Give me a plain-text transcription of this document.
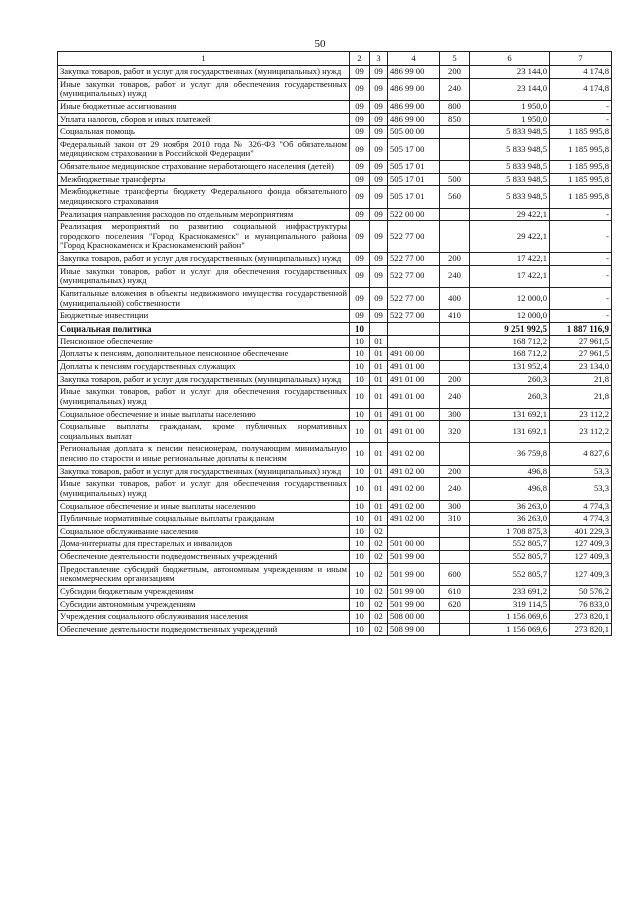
50
1	2	3	4	5	6	7
Закупка товаров, работ и услуг для государственных (муниципальных) нужд	09	09	486 99 00	200	23 144,0	4 174,8
Иные закупки товаров, работ и услуг для обеспечения государственных (муниципальных) нужд	09	09	486 99 00	240	23 144,0	4 174,8
Иные бюджетные ассигнования	09	09	486 99 00	800	1 950,0	-
Уплата налогов, сборов и иных платежей	09	09	486 99 00	850	1 950,0	-
Социальная помощь	09	09	505 00 00		5 833 948,5	1 185 995,8
Федеральный закон от 29 ноября 2010 года № 326-ФЗ "Об обязательном медицинском страховании в Российской Федерации"	09	09	505 17 00		5 833 948,5	1 185 995,8
Обязательное медицинское страхование неработающего населения (детей)	09	09	505 17 01		5 833 948,5	1 185 995,8
Межбюджетные трансферты	09	09	505 17 01	500	5 833 948,5	1 185 995,8
Межбюджетные трансферты бюджету Федерального фонда обязательного медицинского страхования	09	09	505 17 01	560	5 833 948,5	1 185 995,8
Реализация направления расходов по отдельным мероприятиям	09	09	522 00 00		29 422,1	-
Реализация мероприятий по развитию социальной инфраструктуры городского поселения "Город Краснокаменск" и муниципального района "Город Краснокаменск и Краснокаменский район"	09	09	522 77 00		29 422,1	-
Закупка товаров, работ и услуг для государственных (муниципальных) нужд	09	09	522 77 00	200	17 422,1	-
Иные закупки товаров, работ и услуг для обеспечения государственных (муниципальных) нужд	09	09	522 77 00	240	17 422,1	-
Капитальные вложения в объекты недвижимого имущества государственной (муниципальной) собственности	09	09	522 77 00	400	12 000,0	-
Бюджетные инвестиции	09	09	522 77 00	410	12 000,0	-
Социальная политика	10				9 251 992,5	1 887 116,9
Пенсионное обеспечение	10	01			168 712,2	27 961,5
Доплаты к пенсиям, дополнительное пенсионное обеспечение	10	01	491 00 00		168 712,2	27 961,5
Доплаты к пенсиям государственных служащих	10	01	491 01 00		131 952,4	23 134,0
Закупка товаров, работ и услуг для государственных (муниципальных) нужд	10	01	491 01 00	200	260,3	21,8
Иные закупки товаров, работ и услуг для обеспечения государственных (муниципальных) нужд	10	01	491 01 00	240	260,3	21,8
Социальное обеспечение и иные выплаты населению	10	01	491 01 00	300	131 692,1	23 112,2
Социальные выплаты гражданам, кроме публичных нормативных социальных выплат	10	01	491 01 00	320	131 692,1	23 112,2
Региональная доплата к пенсии пенсионерам, получающим минимальную пенсию по старости и иные региональные доплаты к пенсиям	10	01	491 02 00		36 759,8	4 827,6
Закупка товаров, работ и услуг для государственных (муниципальных) нужд	10	01	491 02 00	200	496,8	53,3
Иные закупки товаров, работ и услуг для обеспечения государственных (муниципальных) нужд	10	01	491 02 00	240	496,8	53,3
Социальное обеспечение и иные выплаты населению	10	01	491 02 00	300	36 263,0	4 774,3
Публичные нормативные социальные выплаты гражданам	10	01	491 02 00	310	36 263,0	4 774,3
Социальное обслуживание населения	10	02			1 708 875,3	401 229,3
Дома-интернаты для престарелых и инвалидов	10	02	501 00 00		552 805,7	127 409,3
Обеспечение деятельности подведомственных учреждений	10	02	501 99 00		552 805,7	127 409,3
Предоставление субсидий бюджетным, автономным учреждениям и иным некоммерческим организациям	10	02	501 99 00	600	552 805,7	127 409,3
Субсидии бюджетным учреждениям	10	02	501 99 00	610	233 691,2	50 576,2
Субсидии автономным учреждениям	10	02	501 99 00	620	319 114,5	76 833,0
Учреждения социального обслуживания населения	10	02	508 00 00		1 156 069,6	273 820,1
Обеспечение деятельности подведомственных учреждений	10	02	508 99 00		1 156 069,6	273 820,1
